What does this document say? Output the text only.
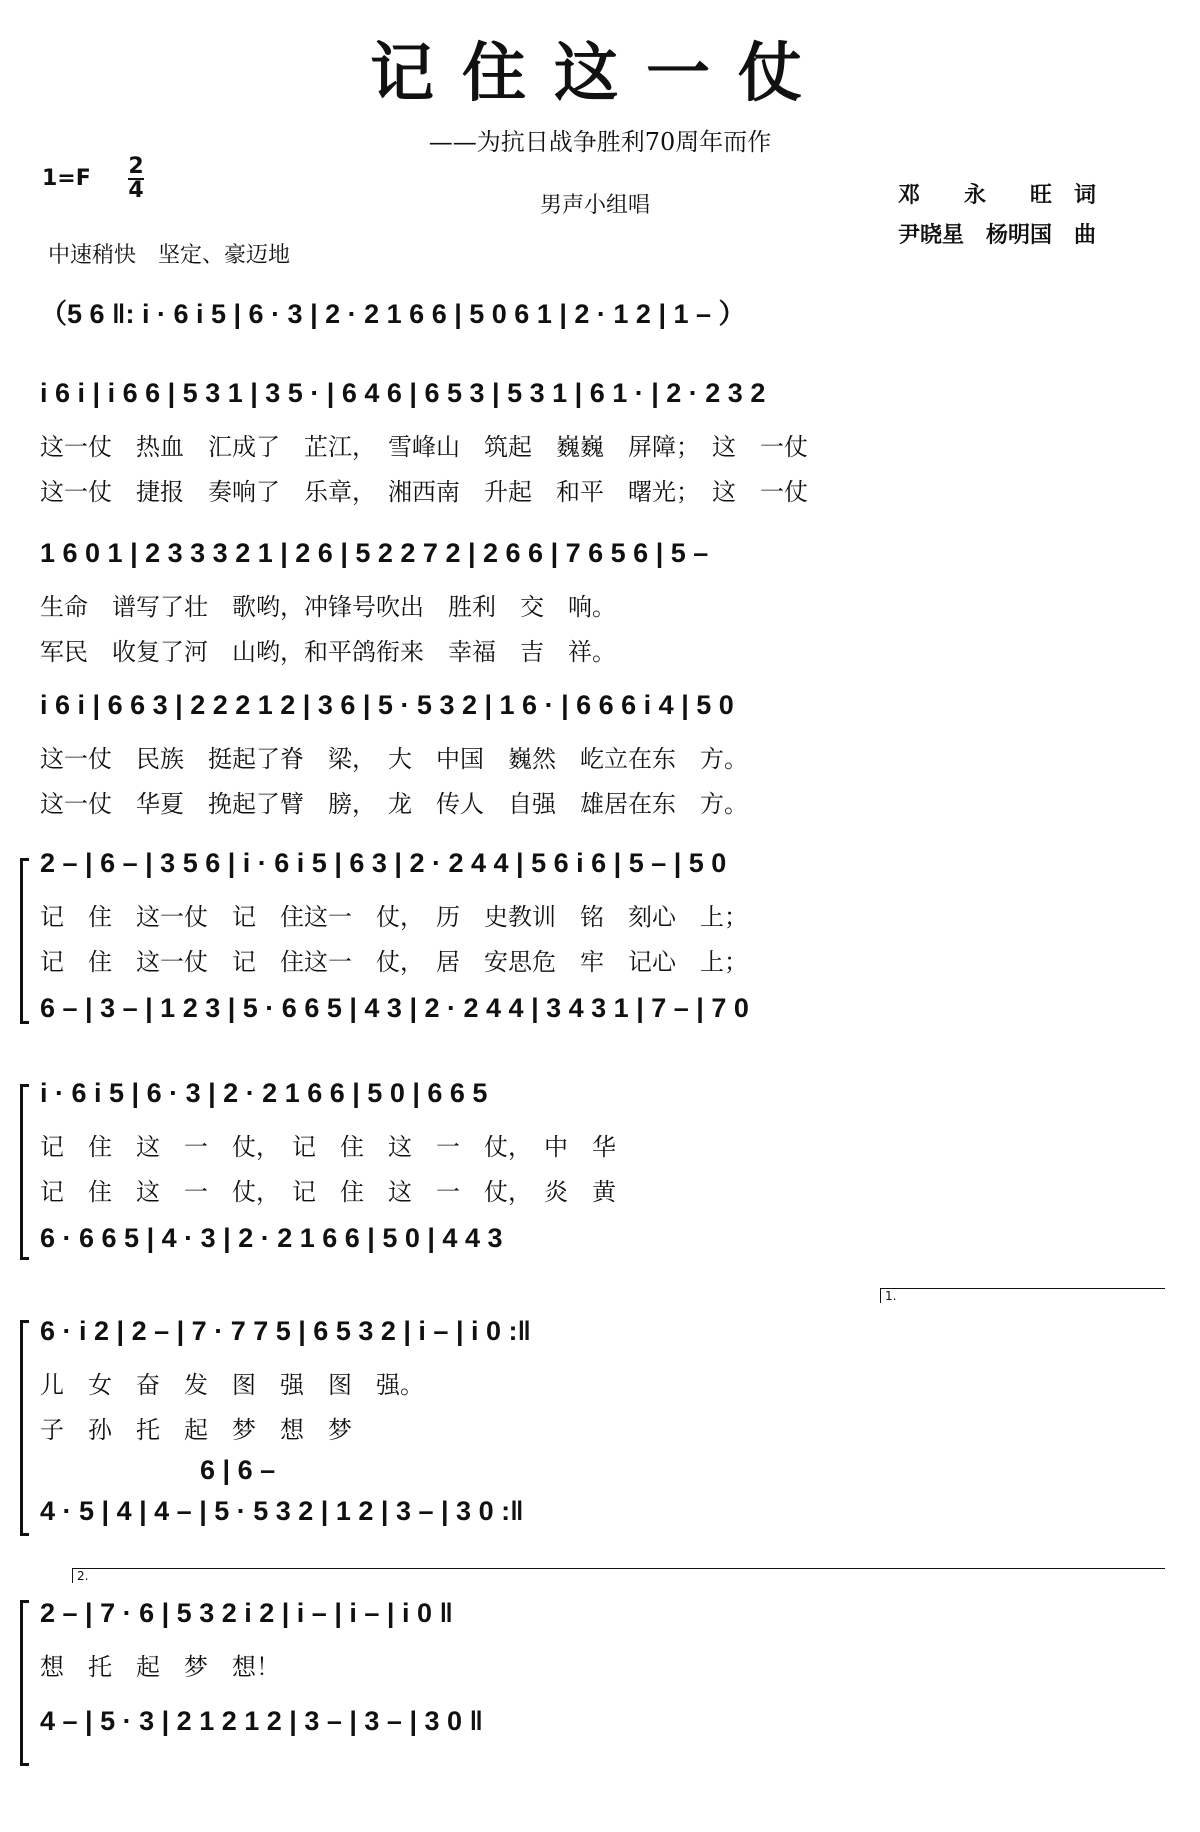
记住这一仗
——为抗日战争胜利70周年而作
1=F 2
4
男声小组唱	邓　　永　　旺　词
尹晓星　杨明国　曲
中速稍快　坚定、豪迈地
（5 6 ‖: i · 6 i 5 | 6 · 3 | 2 · 2 1 6 6 | 5 0 6 1 | 2 · 1 2 | 1 – ）
i 6 i | i 6 6 | 5 3 1 | 3 5 · | 6 4 6 | 6 5 3 | 5 3 1 | 6 1 · | 2 · 2 3 2
这一仗　热血　汇成了　芷江，　雪峰山　筑起　巍巍　屏障；　这　一仗
这一仗　捷报　奏响了　乐章，　湘西南　升起　和平　曙光；　这　一仗
1 6 0 1 | 2 3 3 3 2 1 | 2 6 | 5 2 2 7 2 | 2 6 6 | 7 6 5 6 | 5 –
生命　谱写了壮　歌哟，冲锋号吹出　胜利　交　响。
军民　收复了河　山哟，和平鸽衔来　幸福　吉　祥。
i 6 i | 6 6 3 | 2 2 2 1 2 | 3 6 | 5 · 5 3 2 | 1 6 · | 6 6 6 i 4 | 5 0
这一仗　民族　挺起了脊　梁，　大　中国　巍然　屹立在东　方。
这一仗　华夏　挽起了臂　膀，　龙　传人　自强　雄居在东　方。
2 – | 6 – | 3 5 6 | i · 6 i 5 | 6 3 | 2 · 2 4 4 | 5 6 i 6 | 5 – | 5 0
记　住　这一仗　记　住这一　仗，　历　史教训　铭　刻心　上；
记　住　这一仗　记　住这一　仗，　居　安思危　牢　记心　上；
6 – | 3 – | 1 2 3 | 5 · 6 6 5 | 4 3 | 2 · 2 4 4 | 3 4 3 1 | 7 – | 7 0
i · 6 i 5 | 6 · 3 | 2 · 2 1 6 6 | 5 0 | 6 6 5
记　住　这　一　仗，　记　住　这　一　仗，　中　华
记　住　这　一　仗，　记　住　这　一　仗，　炎　黄
6 · 6 6 5 | 4 · 3 | 2 · 2 1 6 6 | 5 0 | 4 4 3
1.
6 · i 2 | 2 – | 7 · 7 7 5 | 6 5 3 2 | i – | i 0 :‖
儿　女　奋　发　图　强　图　强。
子　孙　托　起　梦　想　梦
6 | 6 –
4 · 5 | 4 | 4 – | 5 · 5 3 2 | 1 2 | 3 – | 3 0 :‖
2.
2 – | 7 · 6 | 5 3 2 i 2 | i – | i – | i 0 ‖
想　托　起　梦　想！
4 – | 5 · 3 | 2 1 2 1 2 | 3 – | 3 – | 3 0 ‖
